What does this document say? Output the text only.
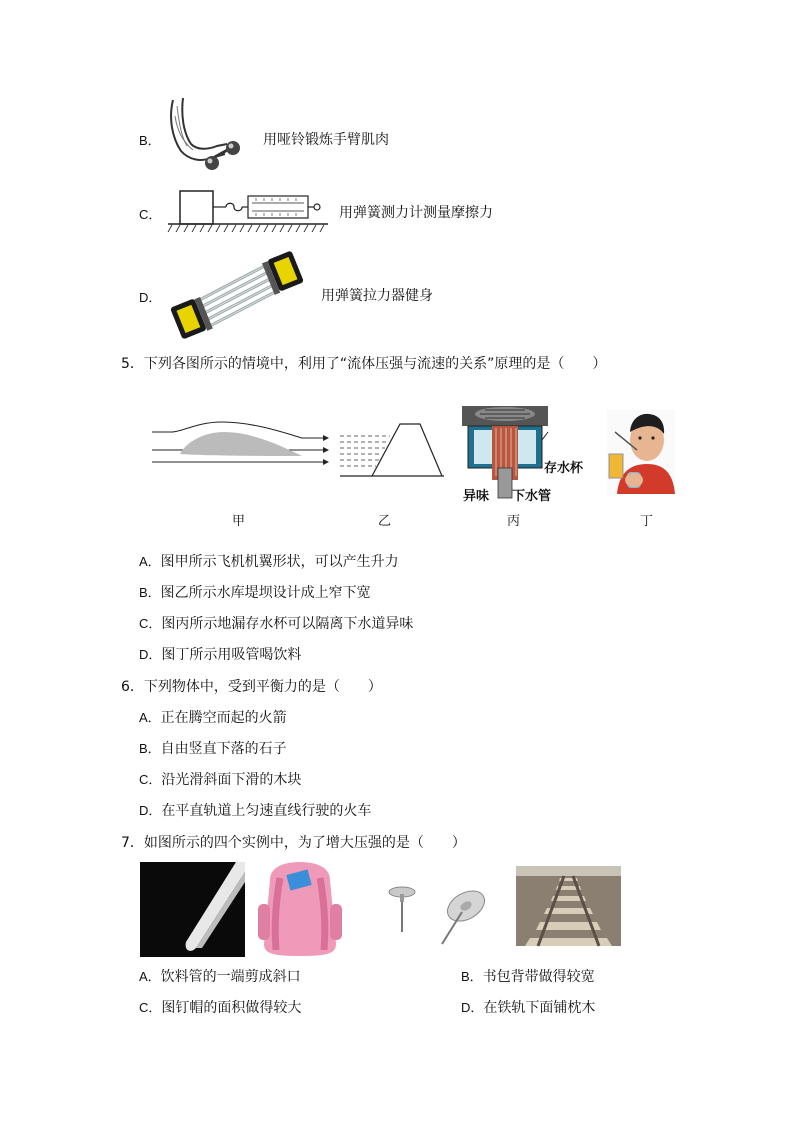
B．	用哑铃锻炼手臂肌肉
C．	用弹簧测力计测量摩擦力
D．	用弹簧拉力器健身
5．下列各图所示的情境中，利用了“流体压强与流速的关系”原理的是（　　）
存水杯
异味 下水管
甲	乙	丙	丁
A．图甲所示飞机机翼形状，可以产生升力
B．图乙所示水库堤坝设计成上窄下宽
C．图丙所示地漏存水杯可以隔离下水道异味
D．图丁所示用吸管喝饮料
6．下列物体中，受到平衡力的是（　　）
A．正在腾空而起的火箭
B．自由竖直下落的石子
C．沿光滑斜面下滑的木块
D．在平直轨道上匀速直线行驶的火车
7．如图所示的四个实例中，为了增大压强的是（　　）
A．饮料管的一端剪成斜口	B．书包背带做得较宽
C．图钉帽的面积做得较大	D．在铁轨下面铺枕木
